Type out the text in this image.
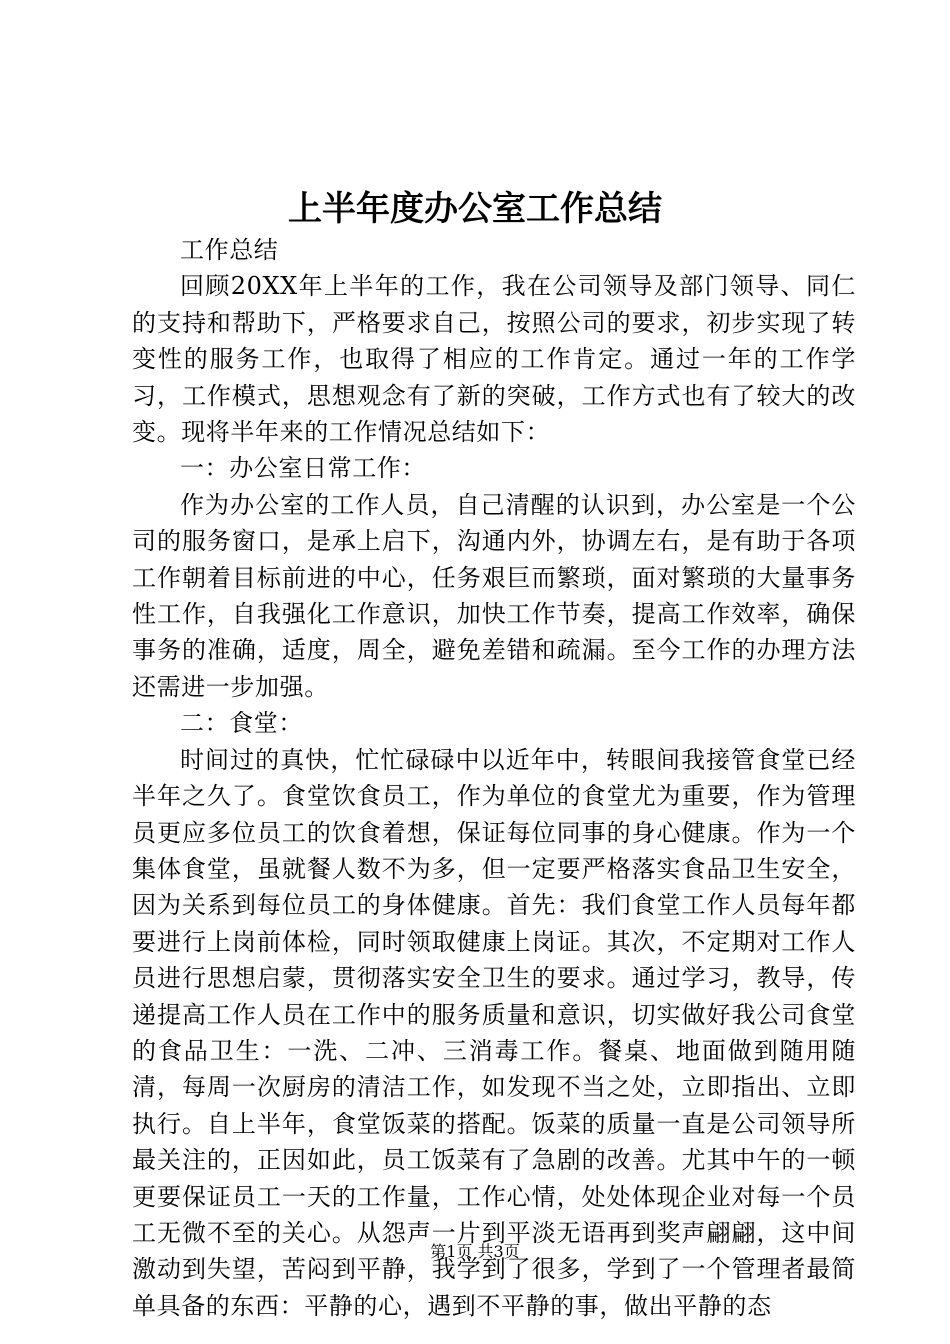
上半年度办公室工作总结

工作总结

回顾20XX年上半年的工作，我在公司领导及部门领导、同仁的支持和帮助下，严格要求自己，按照公司的要求，初步实现了转变性的服务工作，也取得了相应的工作肯定。通过一年的工作学习，工作模式，思想观念有了新的突破，工作方式也有了较大的改变。现将半年来的工作情况总结如下：

一：办公室日常工作：

作为办公室的工作人员，自己清醒的认识到，办公室是一个公司的服务窗口，是承上启下，沟通内外，协调左右，是有助于各项工作朝着目标前进的中心，任务艰巨而繁琐，面对繁琐的大量事务性工作，自我强化工作意识，加快工作节奏，提高工作效率，确保事务的准确，适度，周全，避免差错和疏漏。至今工作的办理方法还需进一步加强。

二：食堂：

时间过的真快，忙忙碌碌中以近年中，转眼间我接管食堂已经半年之久了。食堂饮食员工，作为单位的食堂尤为重要，作为管理员更应多位员工的饮食着想，保证每位同事的身心健康。作为一个集体食堂，虽就餐人数不为多，但一定要严格落实食品卫生安全，因为关系到每位员工的身体健康。首先：我们食堂工作人员每年都要进行上岗前体检，同时领取健康上岗证。其次，不定期对工作人员进行思想启蒙，贯彻落实安全卫生的要求。通过学习，教导，传递提高工作人员在工作中的服务质量和意识，切实做好我公司食堂的食品卫生：一洗、二冲、三消毒工作。餐桌、地面做到随用随清，每周一次厨房的清洁工作，如发现不当之处，立即指出、立即执行。自上半年，食堂饭菜的搭配。饭菜的质量一直是公司领导所最关注的，正因如此，员工饭菜有了急剧的改善。尤其中午的一顿更要保证员工一天的工作量，工作心情，处处体现企业对每一个员工无微不至的关心。从怨声一片到平淡无语再到奖声翩翩，这中间激动到失望，苦闷到平静，我学到了很多，学到了一个管理者最简单具备的东西：平静的心，遇到不平静的事，做出平静的态

第1页 共3页
